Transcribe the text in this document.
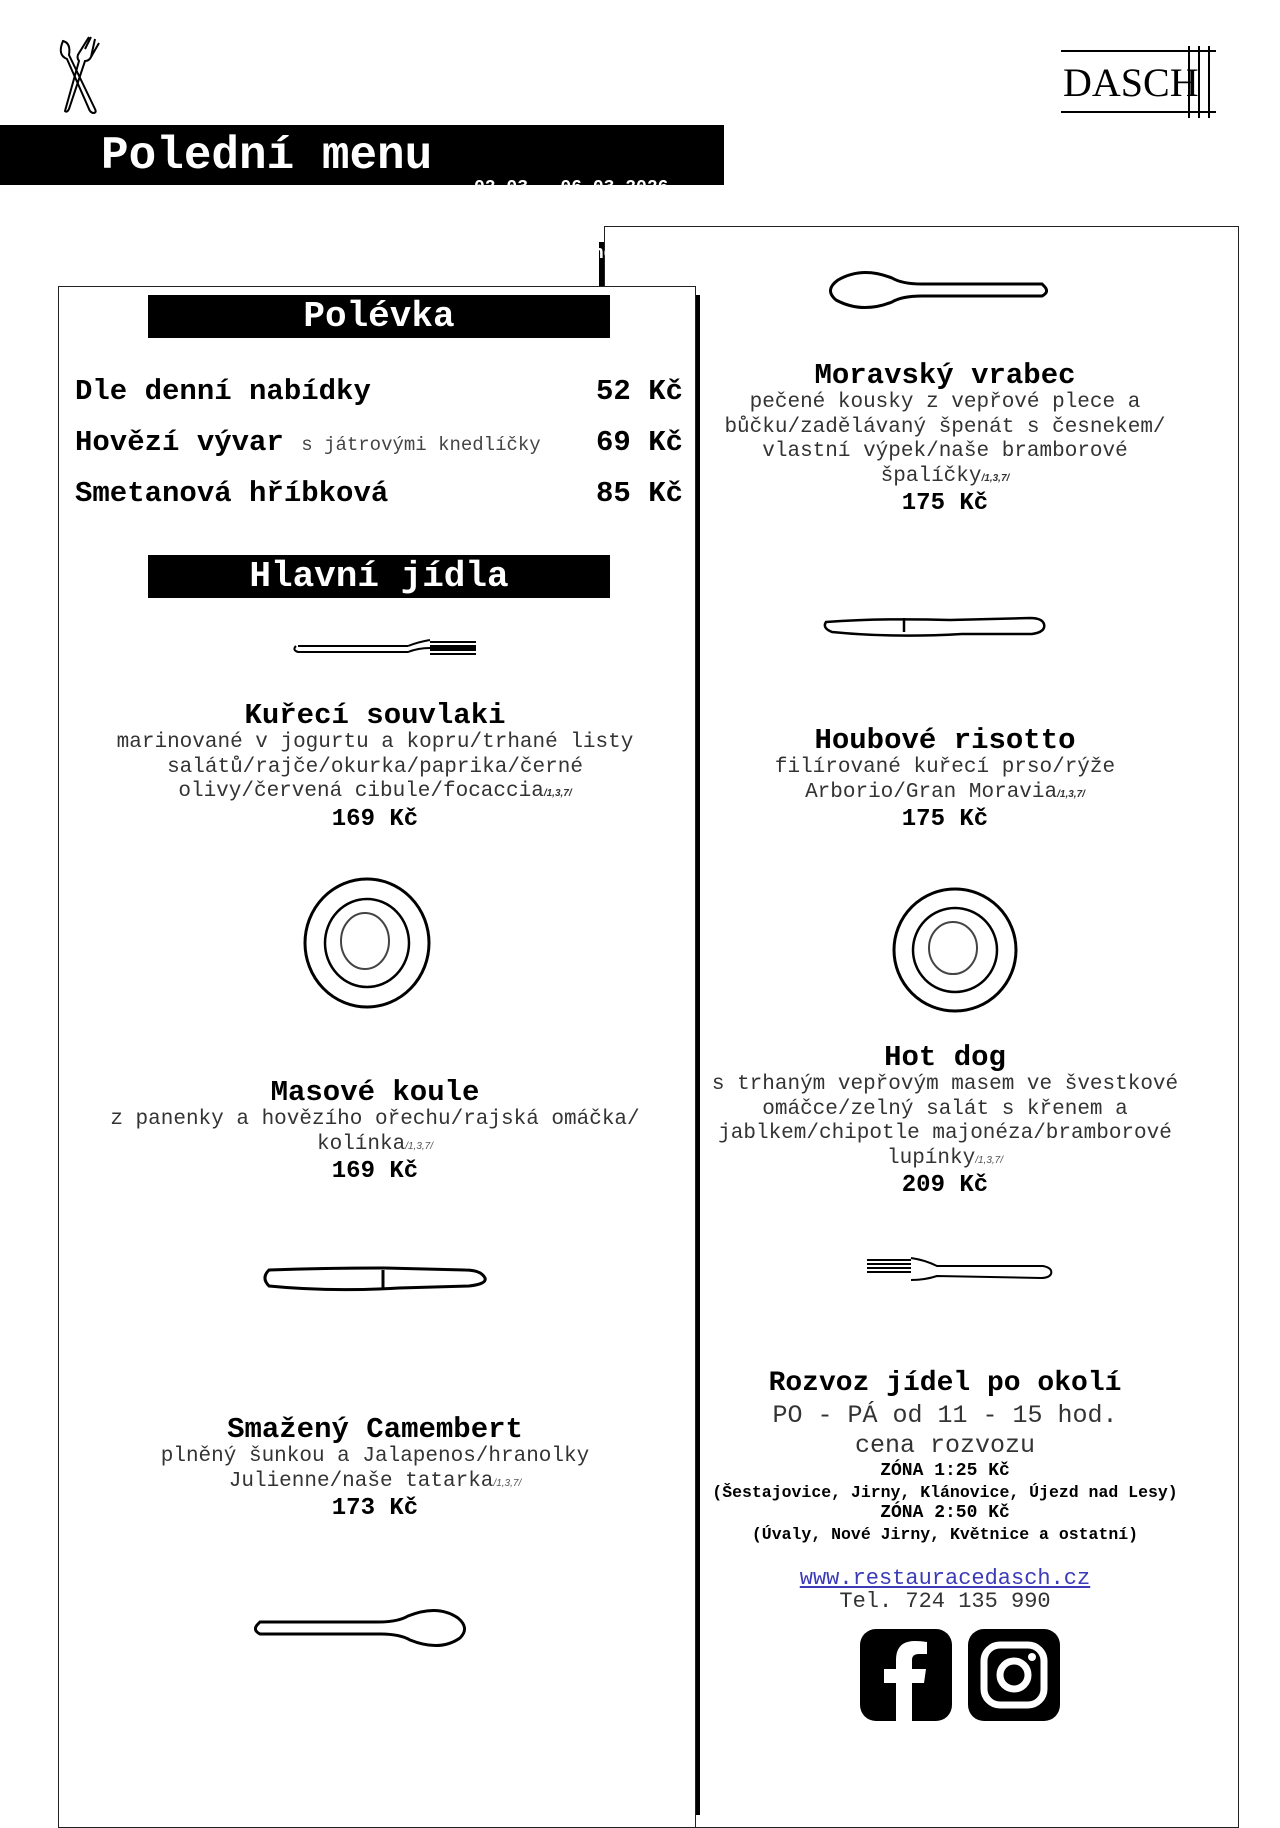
DASCH
Polední menu

02.03 - 06.03.2026

11 - 15:30 hod.

Polévka
Dle denní nabídky	52 Kč
Hovězí vývar s játrovými knedlíčky 69 Kč
Smetanová hříbková	85 Kč
Hlavní jídla
Kuřecí souvlaki
marinované v jogurtu a kopru/trhané listy
salátů/rajče/okurka/paprika/černé
olivy/červená cibule/focaccia/1,3,7/
169 Kč
Masové koule
z panenky a hovězího ořechu/rajská omáčka/
kolínka/1,3,7/
169 Kč
Smažený Camembert
plněný šunkou a Jalapenos/hranolky
Julienne/naše tatarka/1,3,7/
173 Kč
Moravský vrabec
pečené kousky z vepřové plece a
bůčku/zadělávaný špenát s česnekem/
vlastní výpek/naše bramborové
špalíčky/1,3,7/
175 Kč
Houbové risotto
filírované kuřecí prso/rýže
Arborio/Gran Moravia/1,3,7/
175 Kč
Hot dog
s trhaným vepřovým masem ve švestkové
omáčce/zelný salát s křenem a
jablkem/chipotle majonéza/bramborové
lupínky/1,3,7/
209 Kč
Rozvoz jídel po okolí
PO - PÁ od 11 - 15 hod.
cena rozvozu
ZÓNA 1:25 Kč
(Šestajovice, Jirny, Klánovice, Újezd nad Lesy)
ZÓNA 2:50 Kč
(Úvaly, Nové Jirny, Květnice a ostatní)
www.restauracedasch.cz
Tel. 724 135 990
